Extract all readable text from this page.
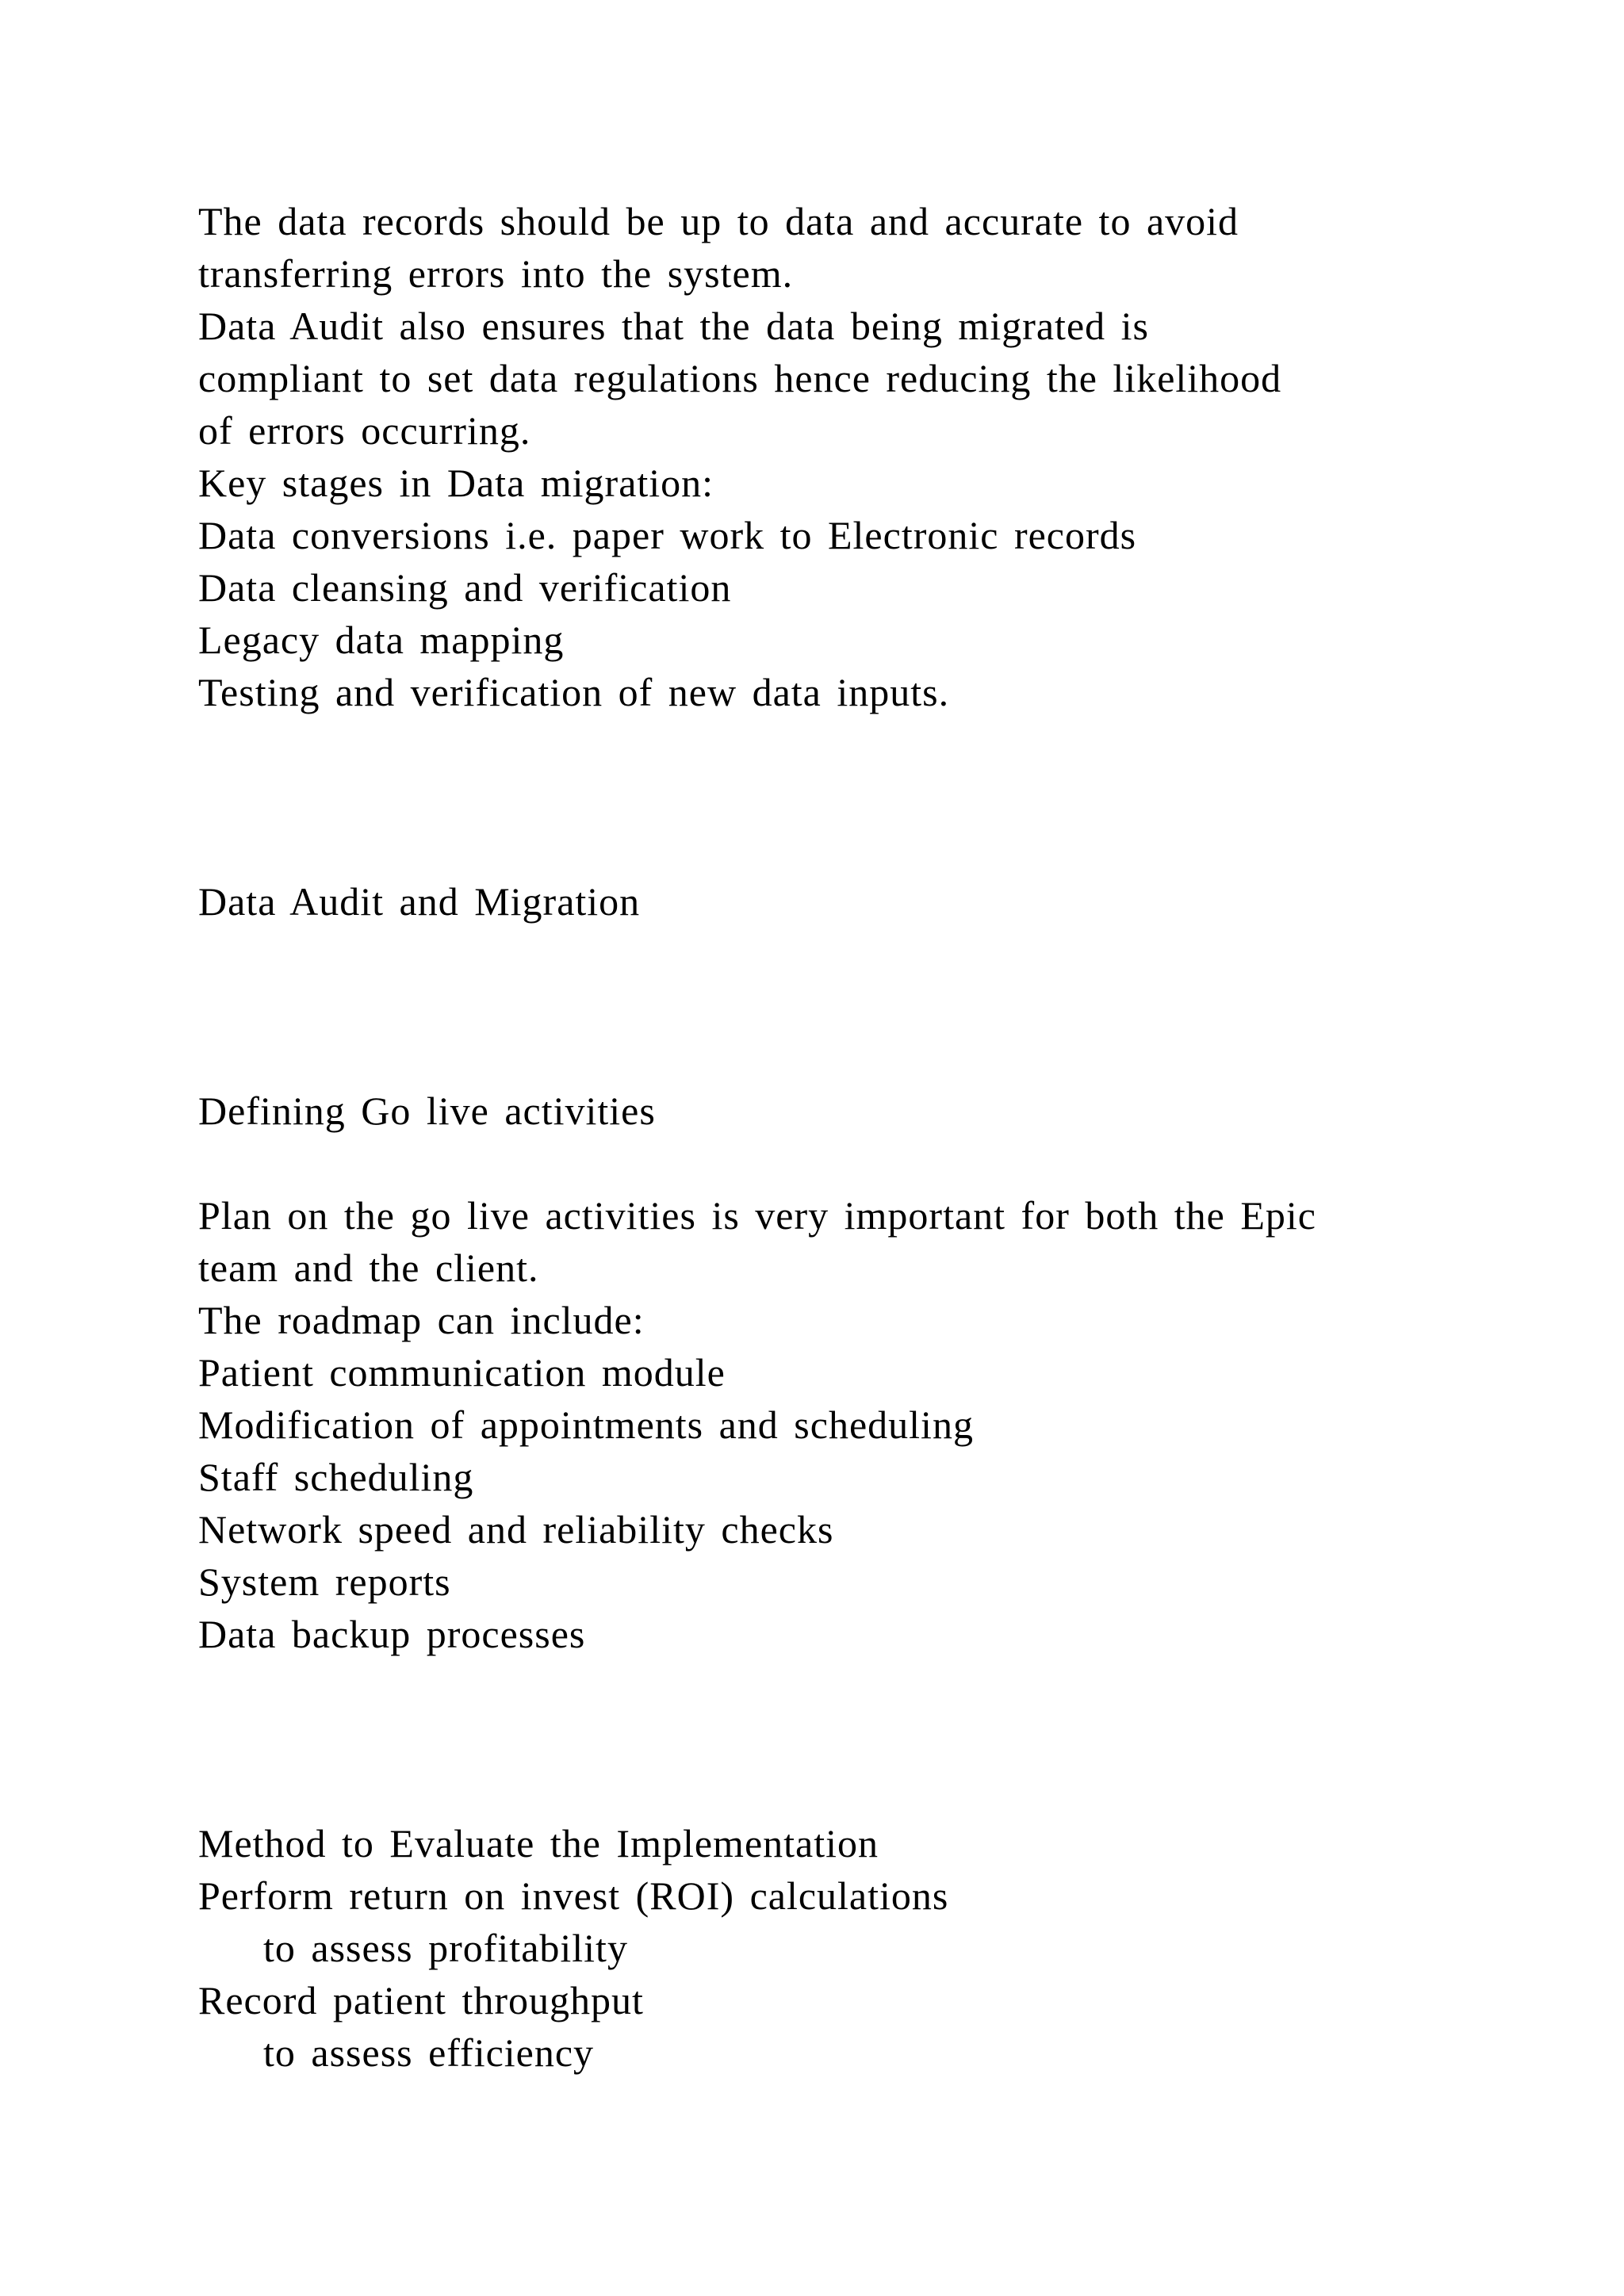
The data records should be up to data and accurate to avoid
transferring errors into the system.
Data Audit also ensures that the data being migrated is
compliant to set data regulations hence reducing the likelihood
of errors occurring.
Key stages in Data migration:
Data conversions i.e. paper work to Electronic records
Data cleansing and verification
Legacy data mapping
Testing and verification of new data inputs.
Data Audit and Migration
Defining Go live activities
Plan on the go live activities is very important for both the Epic
team and the client.
The roadmap can include:
Patient communication module
Modification of appointments and scheduling
Staff scheduling
Network speed and reliability checks
System reports
Data backup processes
Method to Evaluate the Implementation
Perform return on invest (ROI) calculations
to assess profitability
Record patient throughput
to assess efficiency
